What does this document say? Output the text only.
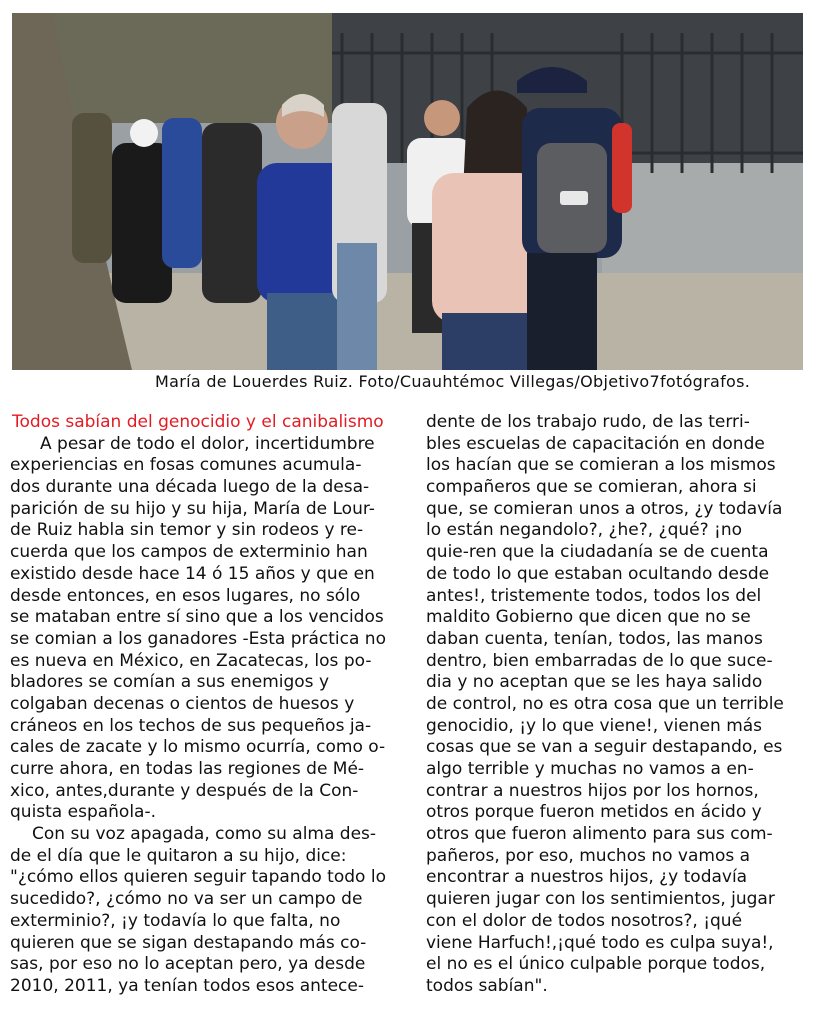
María de Louerdes Ruiz. Foto/Cuauhtémoc Villegas/Objetivo7fotógrafos.
Todos sabían del genocidio y el canibalismo
A pesar de todo el dolor, incertidumbre
experiencias en fosas comunes acumula-
dos durante una década luego de la desa-
parición de su hijo y su hija, María de Lour-
de Ruiz habla sin temor y sin rodeos y re-
cuerda que los campos de exterminio han
existido desde hace 14 ó 15 años y que en
desde entonces, en esos lugares, no sólo
se mataban entre sí sino que a los vencidos
se comian a los ganadores -Esta práctica no
es nueva en México, en Zacatecas, los po-
bladores se comían a sus enemigos y
colgaban decenas o cientos de huesos y
cráneos en los techos de sus pequeños ja-
cales de zacate y lo mismo ocurría, como o-
curre ahora, en todas las regiones de Mé-
xico, antes,durante y después de la Con-
quista española-.
Con su voz apagada, como su alma des-
de el día que le quitaron a su hijo, dice:
"¿cómo ellos quieren seguir tapando todo lo
sucedido?, ¿cómo no va ser un campo de
exterminio?, ¡y todavía lo que falta, no
quieren que se sigan destapando más co-
sas, por eso no lo aceptan pero, ya desde
2010, 2011, ya tenían todos esos antece-
dente de los trabajo rudo, de las terri-
bles escuelas de capacitación en donde
los hacían que se comieran a los mismos
compañeros que se comieran, ahora si
que, se comieran unos a otros, ¿y todavía
lo están negandolo?, ¿he?, ¿qué? ¡no
quie-ren que la ciudadanía se de cuenta
de todo lo que estaban ocultando desde
antes!, tristemente todos, todos los del
maldito Gobierno que dicen que no se
daban cuenta, tenían, todos, las manos
dentro, bien embarradas de lo que suce-
dia y no aceptan que se les haya salido
de control, no es otra cosa que un terrible
genocidio, ¡y lo que viene!, vienen más
cosas que se van a seguir destapando, es
algo terrible y muchas no vamos a en-
contrar a nuestros hijos por los hornos,
otros porque fueron metidos en ácido y
otros que fueron alimento para sus com-
pañeros, por eso, muchos no vamos a
encontrar a nuestros hijos, ¿y todavía
quieren jugar con los sentimientos, jugar
con el dolor de todos nosotros?, ¡qué
viene Harfuch!,¡qué todo es culpa suya!,
el no es el único culpable porque todos,
todos sabían".
